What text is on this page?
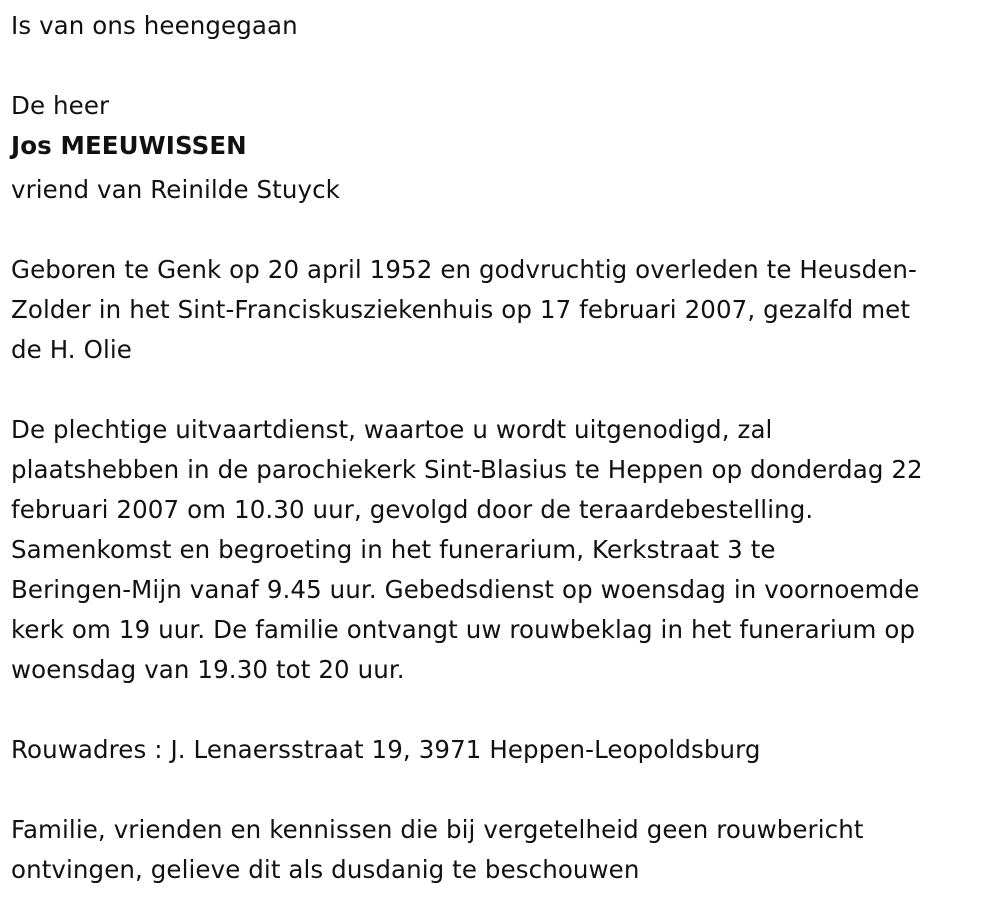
Is van ons heengegaan

De heer

Jos MEEUWISSEN

vriend van Reinilde Stuyck

Geboren te Genk op 20 april 1952 en godvruchtig overleden te Heusden-
Zolder in het Sint-Franciskusziekenhuis op 17 februari 2007, gezalfd met
de H. Olie
De plechtige uitvaartdienst, waartoe u wordt uitgenodigd, zal
plaatshebben in de parochiekerk Sint-Blasius te Heppen op donderdag 22
februari 2007 om 10.30 uur, gevolgd door de teraardebestelling.
Samenkomst en begroeting in het funerarium, Kerkstraat 3 te
Beringen-Mijn vanaf 9.45 uur. Gebedsdienst op woensdag in voornoemde
kerk om 19 uur. De familie ontvangt uw rouwbeklag in het funerarium op
woensdag van 19.30 tot 20 uur.

Rouwadres : J. Lenaersstraat 19, 3971 Heppen-Leopoldsburg

Familie, vrienden en kennissen die bij vergetelheid geen rouwbericht
ontvingen, gelieve dit als dusdanig te beschouwen
